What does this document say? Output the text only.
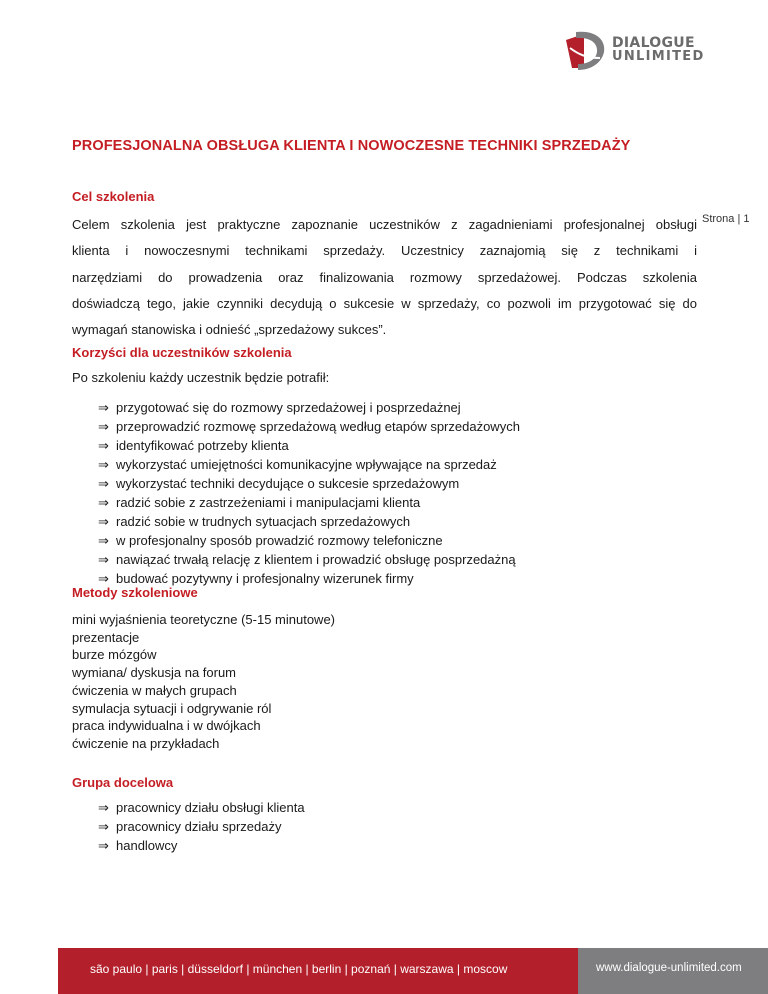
DIALOGUE
UNLIMITED
PROFESJONALNA OBSŁUGA KLIENTA I NOWOCZESNE TECHNIKI SPRZEDAŻY
Cel szkolenia
Celem szkolenia jest praktyczne zapoznanie uczestników z zagadnieniami profesjonalnej obsługi
klienta i nowoczesnymi technikami sprzedaży. Uczestnicy zaznajomią się z technikami i
narzędziami do prowadzenia oraz finalizowania rozmowy sprzedażowej. Podczas szkolenia
doświadczą tego, jakie czynniki decydują o sukcesie w sprzedaży, co pozwoli im przygotować się do
wymagań stanowiska i odnieść „sprzedażowy sukces”.
Strona | 1
Korzyści dla uczestników szkolenia
Po szkoleniu każdy uczestnik będzie potrafił:
⇒ przygotować się do rozmowy sprzedażowej i posprzedażnej
⇒ przeprowadzić rozmowę sprzedażową według etapów sprzedażowych
⇒ identyfikować potrzeby klienta
⇒ wykorzystać umiejętności komunikacyjne wpływające na sprzedaż
⇒ wykorzystać techniki decydujące o sukcesie sprzedażowym
⇒ radzić sobie z zastrzeżeniami i manipulacjami klienta
⇒ radzić sobie w trudnych sytuacjach sprzedażowych
⇒ w profesjonalny sposób prowadzić rozmowy telefoniczne
⇒ nawiązać trwałą relację z klientem i prowadzić obsługę posprzedażną
⇒ budować pozytywny i profesjonalny wizerunek firmy
Metody szkoleniowe
mini wyjaśnienia teoretyczne (5-15 minutowe)
prezentacje
burze mózgów
wymiana/ dyskusja na forum
ćwiczenia w małych grupach
symulacja sytuacji i odgrywanie ról
praca indywidualna i w dwójkach
ćwiczenie na przykładach
Grupa docelowa
⇒ pracownicy działu obsługi klienta
⇒ pracownicy działu sprzedaży
⇒ handlowcy
são paulo | paris | düsseldorf | münchen | berlin | poznań | warszawa | moscow	www.dialogue-unlimited.com
